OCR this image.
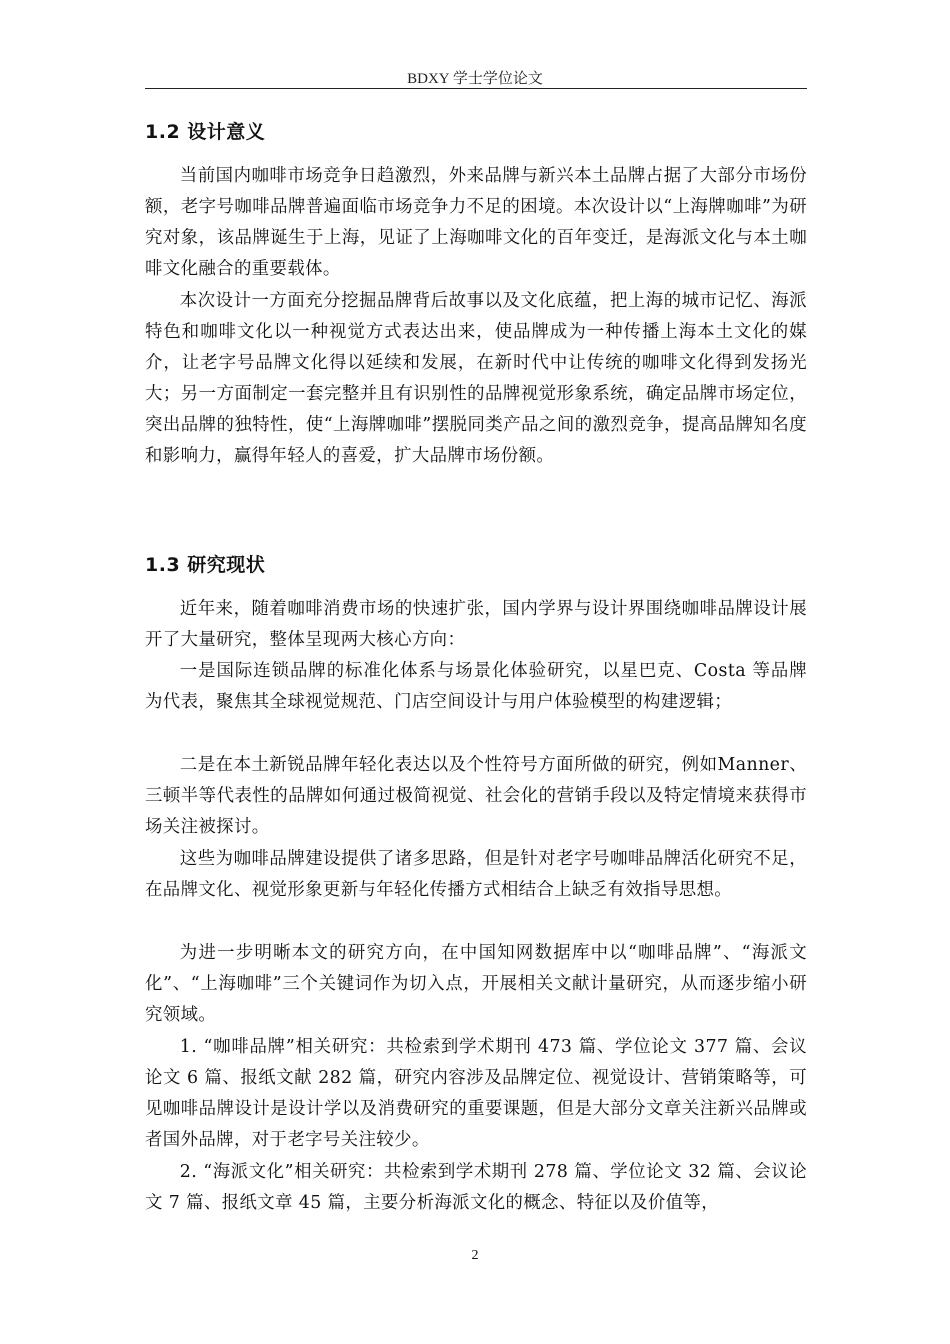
BDXY 学士学位论文
1.2 设计意义

当前国内咖啡市场竞争日趋激烈，外来品牌与新兴本土品牌占据了大部分市场份额，老字号咖啡品牌普遍面临市场竞争力不足的困境。本次设计以“上海牌咖啡”为研究对象，该品牌诞生于上海，见证了上海咖啡文化的百年变迁，是海派文化与本土咖啡文化融合的重要载体。

本次设计一方面充分挖掘品牌背后故事以及文化底蕴，把上海的城市记忆、海派特色和咖啡文化以一种视觉方式表达出来，使品牌成为一种传播上海本土文化的媒介，让老字号品牌文化得以延续和发展，在新时代中让传统的咖啡文化得到发扬光大；另一方面制定一套完整并且有识别性的品牌视觉形象系统，确定品牌市场定位，突出品牌的独特性，使“上海牌咖啡”摆脱同类产品之间的激烈竞争，提高品牌知名度和影响力，赢得年轻人的喜爱，扩大品牌市场份额。

1.3 研究现状

近年来，随着咖啡消费市场的快速扩张，国内学界与设计界围绕咖啡品牌设计展开了大量研究，整体呈现两大核心方向：

一是国际连锁品牌的标准化体系与场景化体验研究，以星巴克、Costa 等品牌为代表，聚焦其全球视觉规范、门店空间设计与用户体验模型的构建逻辑；

二是在本土新锐品牌年轻化表达以及个性符号方面所做的研究，例如Manner、三顿半等代表性的品牌如何通过极简视觉、社会化的营销手段以及特定情境来获得市场关注被探讨。

这些为咖啡品牌建设提供了诸多思路，但是针对老字号咖啡品牌活化研究不足，在品牌文化、视觉形象更新与年轻化传播方式相结合上缺乏有效指导思想。

为进一步明晰本文的研究方向，在中国知网数据库中以“咖啡品牌”、“海派文化”、“上海咖啡”三个关键词作为切入点，开展相关文献计量研究，从而逐步缩小研究领域。

1. “咖啡品牌”相关研究：共检索到学术期刊 473 篇、学位论文 377 篇、会议论文 6 篇、报纸文献 282 篇，研究内容涉及品牌定位、视觉设计、营销策略等，可见咖啡品牌设计是设计学以及消费研究的重要课题，但是大部分文章关注新兴品牌或者国外品牌，对于老字号关注较少。

2. “海派文化”相关研究：共检索到学术期刊 278 篇、学位论文 32 篇、会议论文 7 篇、报纸文章 45 篇，主要分析海派文化的概念、特征以及价值等，

2
